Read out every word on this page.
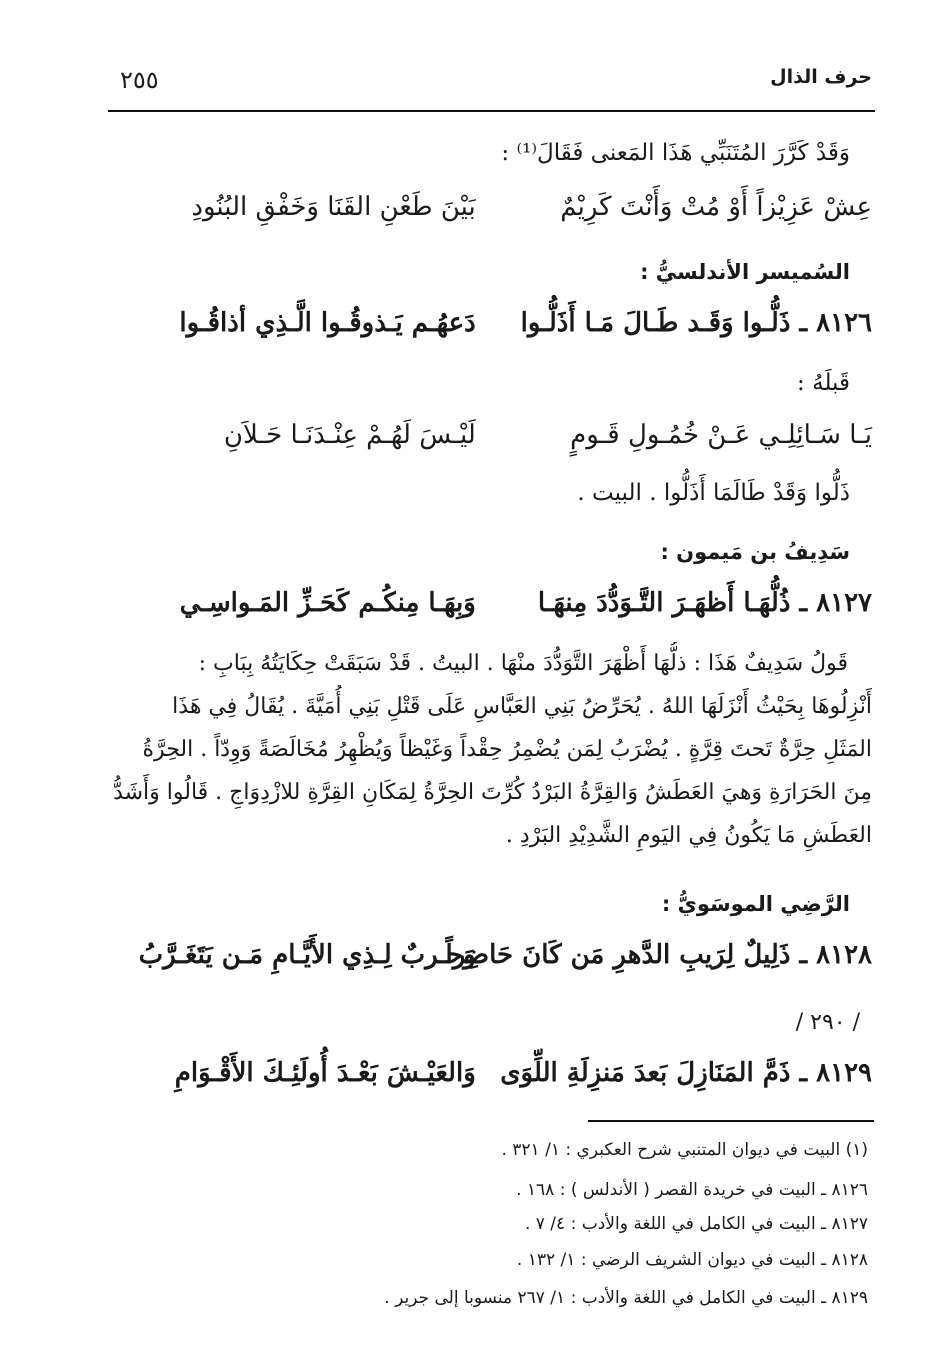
حرف الذال
٢٥٥
وَقَدْ كَرَّرَ المُتَنَبِّي هَذَا المَعنى فَقَالَ⁽¹⁾ :
عِشْ عَزِيْزاً أَوْ مُتْ وَأَنْتَ كَرِيْمٌ
بَيْنَ طَعْنِ القَنَا وَخَفْقِ البُنُودِ
السُميسر الأندلسيُّ :
٨١٢٦ ـ ذَلُّـوا وَقَـد طَـالَ مَـا أَذَلُّـوا
دَعهُـم يَـذوقُـوا الَّـذِي أذاقُـوا
قَبلَهُ :
يَـا سَـائِلِـي عَـنْ خُمُـولِ قَـومٍ
لَيْـسَ لَهُـمْ عِنْـدَنَـا حَـلاَنِ
ذَلُّوا وَقَدْ طَالَمَا أَذَلُّوا . البيت .
سَدِيفُ بن مَيمون :
٨١٢٧ ـ ذُلُّهَـا أَظهَـرَ التَّـوَدُّدَ مِنهَـا
وَبِهَـا مِنكُـم كَحَـزِّ المَـواسِـي
قَولُ سَدِيفٌ هَذَا : ذلُّهَا أَظْهَرَ التَّوَدُّدَ منْهَا . البيتُ . قَدْ سَبَقَتْ حِكَايَتُهُ بِبَابِ :
أَنْزِلُوهَا بِحَيْثُ أَنْزَلَهَا اللهُ . يُحَرِّضُ بَنِي العَبَّاسِ عَلَى قَتْلِ بَنِي أُمَيَّةَ . يُقَالُ فِي هَذَا
المَثَلِ حِرَّةٌ تَحتَ قِرَّةٍ . يُضْرَبُ لِمَن يُضْمِرُ حِقْداً وَغَيْظاً وَيُظْهِرُ مُخَالَصَةً وَوِدّاً . الحِرَّةُ
مِنَ الحَرَارَةِ وَهيَ العَطَشُ وَالقِرَّةُ البَرْدُ كُرِّتَ الحِرَّةُ لِمَكَانِ القِرَّةِ للازْدِوَاجِ . قَالُوا وَأَشَدُّ
العَطَشِ مَا يَكُونُ فِي اليَومِ الشَّدِيْدِ البَرْدِ .
الرَّضِي الموسَويُّ :
٨١٢٨ ـ ذَلِيلٌ لِرَيبِ الدَّهرِ مَن كَانَ حَاضِراً
وَحـربٌ لِـذِي الأَيَّـامِ مَـن يَتَغَـرَّبُ
/ ٢٩٠ /
٨١٢٩ ـ ذَمَّ المَنَازِلَ بَعدَ مَنزِلَةِ اللِّوَى
وَالعَيْـشَ بَعْـدَ أُولَئِـكَ الأَقْـوَامِ
(١) البيت في ديوان المتنبي شرح العكبري : ١/ ٣٢١ .
٨١٢٦ ـ البيت في خريدة القصر ( الأندلس ) : ١٦٨ .
٨١٢٧ ـ البيت في الكامل في اللغة والأدب : ٤/ ٧ .
٨١٢٨ ـ البيت في ديوان الشريف الرضي : ١/ ١٣٢ .
٨١٢٩ ـ البيت في الكامل في اللغة والأدب : ١/ ٢٦٧ منسوبا إلى جرير .
